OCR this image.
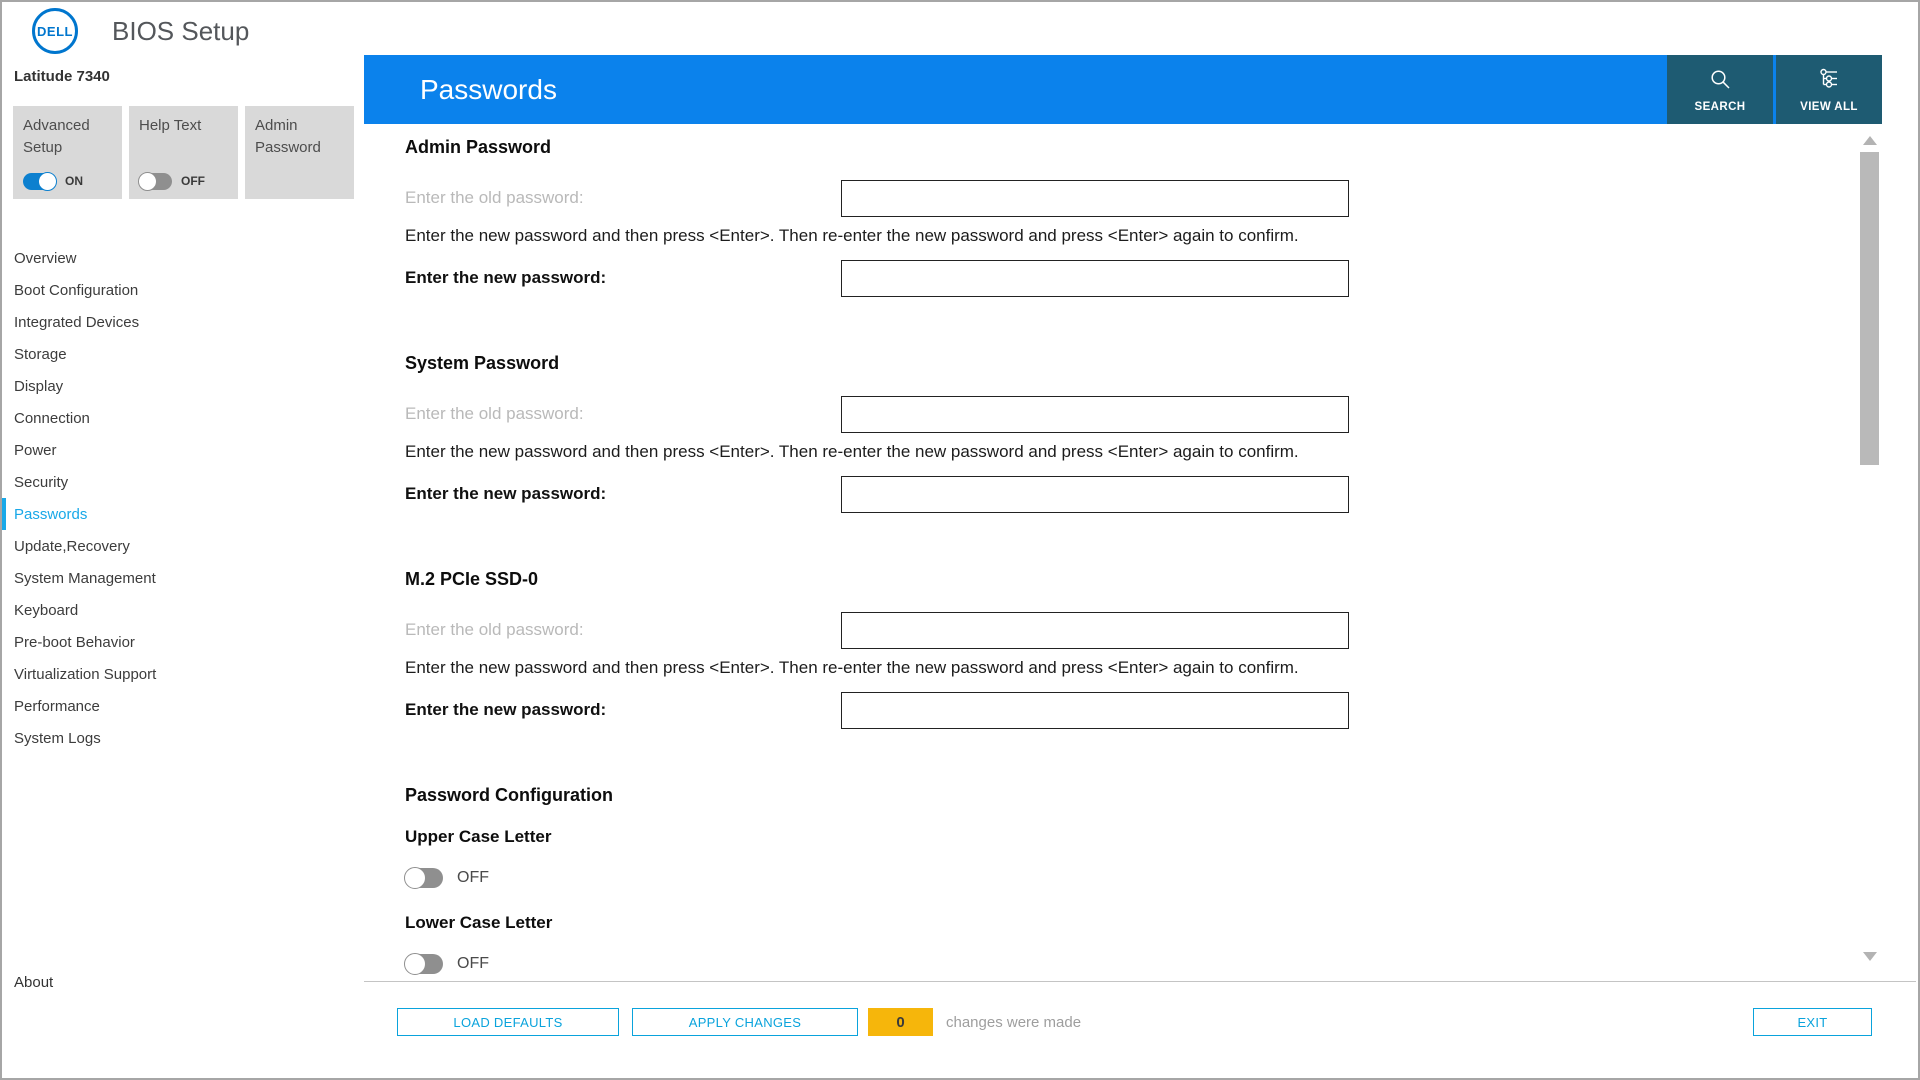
DELL BIOS Setup
Latitude 7340
Advanced Setup
ON
Help Text
OFF
Admin Password
Overview
Boot Configuration
Integrated Devices
Storage
Display
Connection
Power
Security
Passwords
Update,Recovery
System Management
Keyboard
Pre-boot Behavior
Virtualization Support
Performance
System Logs
About
Passwords
SEARCH	VIEW ALL
Admin Password
Enter the old password:

Enter the new password and then press <Enter>. Then re-enter the new password and press <Enter> again to confirm.

Enter the new password:
System Password
Enter the old password:

Enter the new password and then press <Enter>. Then re-enter the new password and press <Enter> again to confirm.

Enter the new password:
M.2 PCIe SSD-0
Enter the old password:

Enter the new password and then press <Enter>. Then re-enter the new password and press <Enter> again to confirm.

Enter the new password:
Password Configuration
Upper Case Letter
OFF
Lower Case Letter
OFF
LOAD DEFAULTS	APPLY CHANGES	0	changes were made	EXIT
